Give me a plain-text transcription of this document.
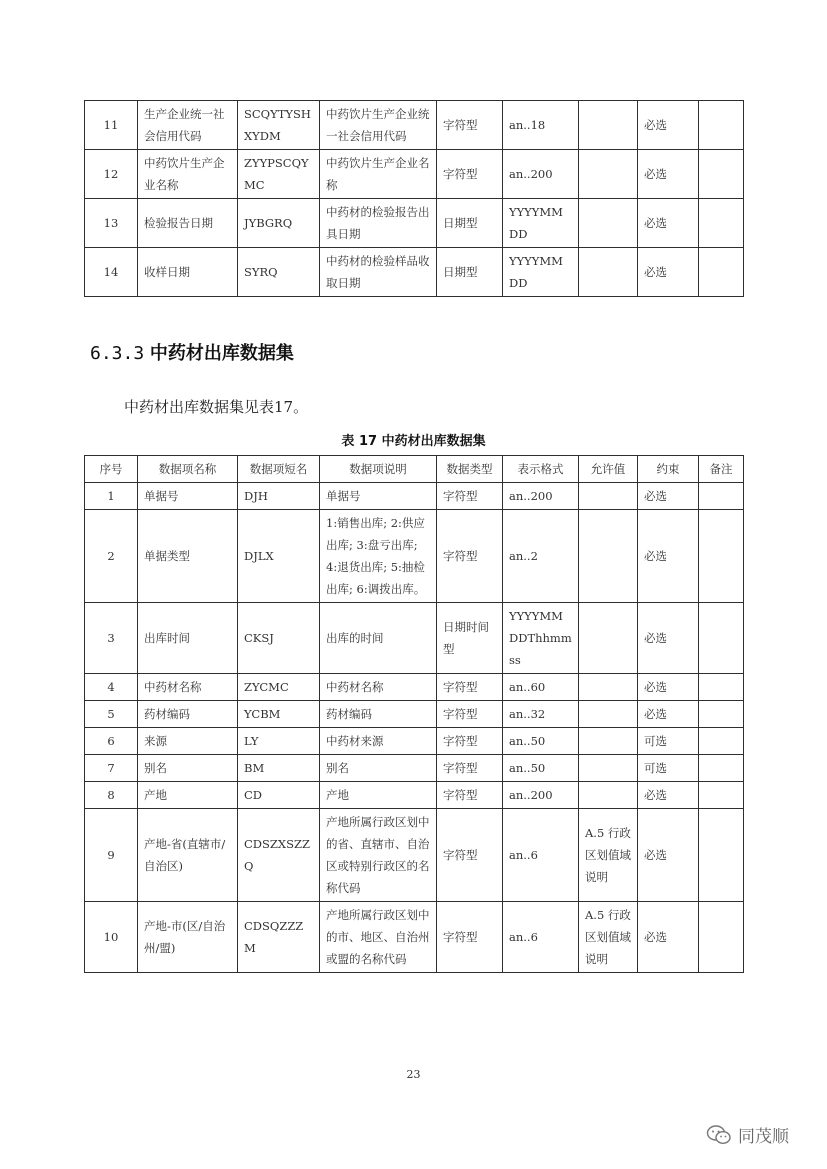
11	生产企业统一社会信用代码	SCQYTYSHXYDM	中药饮片生产企业统一社会信用代码	字符型	an..18		必选	
12	中药饮片生产企业名称	ZYYPSCQYMC	中药饮片生产企业名称	字符型	an..200		必选	
13	检验报告日期	JYBGRQ	中药材的检验报告出具日期	日期型	YYYYMMDD		必选	
14	收样日期	SYRQ	中药材的检验样品收取日期	日期型	YYYYMMDD		必选	
6.3.3 中药材出库数据集
中药材出库数据集见表17。
表 17 中药材出库数据集
序号	数据项名称	数据项短名	数据项说明	数据类型	表示格式	允许值	约束	备注
1	单据号	DJH	单据号	字符型	an..200		必选	
2	单据类型	DJLX	1:销售出库; 2:供应出库; 3:盘亏出库; 4:退货出库; 5:抽检出库; 6:调拨出库。	字符型	an..2		必选	
3	出库时间	CKSJ	出库的时间	日期时间型	YYYYMMDDThhmmss		必选	
4	中药材名称	ZYCMC	中药材名称	字符型	an..60		必选	
5	药材编码	YCBM	药材编码	字符型	an..32		必选	
6	来源	LY	中药材来源	字符型	an..50		可选	
7	别名	BM	别名	字符型	an..50		可选	
8	产地	CD	产地	字符型	an..200		必选	
9	产地-省(直辖市/自治区)	CDSZXSZZQ	产地所属行政区划中的省、直辖市、自治区或特别行政区的名称代码	字符型	an..6	A.5 行政区划值域说明	必选	
10	产地-市(区/自治州/盟)	CDSQZZZM	产地所属行政区划中的市、地区、自治州或盟的名称代码	字符型	an..6	A.5 行政区划值域说明	必选	
23
同茂顺
